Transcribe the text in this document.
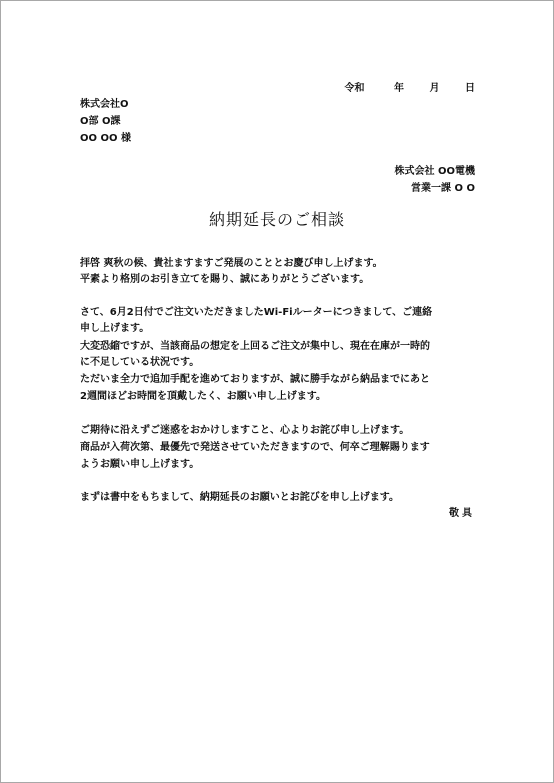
令和	年	月	日
株式会社O
O部 O課
OO OO 様
株式会社 OO電機
営業一課 O O
納期延長のご相談
拝啓 爽秋の候、貴社ますますご発展のこととお慶び申し上げます。
平素より格別のお引き立てを賜り、誠にありがとうございます。
さて、6月2日付でご注文いただきましたWi-Fiルーターにつきまして、ご連絡
申し上げます。
大変恐縮ですが、当該商品の想定を上回るご注文が集中し、現在在庫が一時的
に不足している状況です。
ただいま全力で追加手配を進めておりますが、誠に勝手ながら納品までにあと
2週間ほどお時間を頂戴したく、お願い申し上げます。
ご期待に沿えずご迷惑をおかけしますこと、心よりお詫び申し上げます。
商品が入荷次第、最優先で発送させていただきますので、何卒ご理解賜ります
ようお願い申し上げます。
まずは書中をもちまして、納期延長のお願いとお詫びを申し上げます。
敬具
